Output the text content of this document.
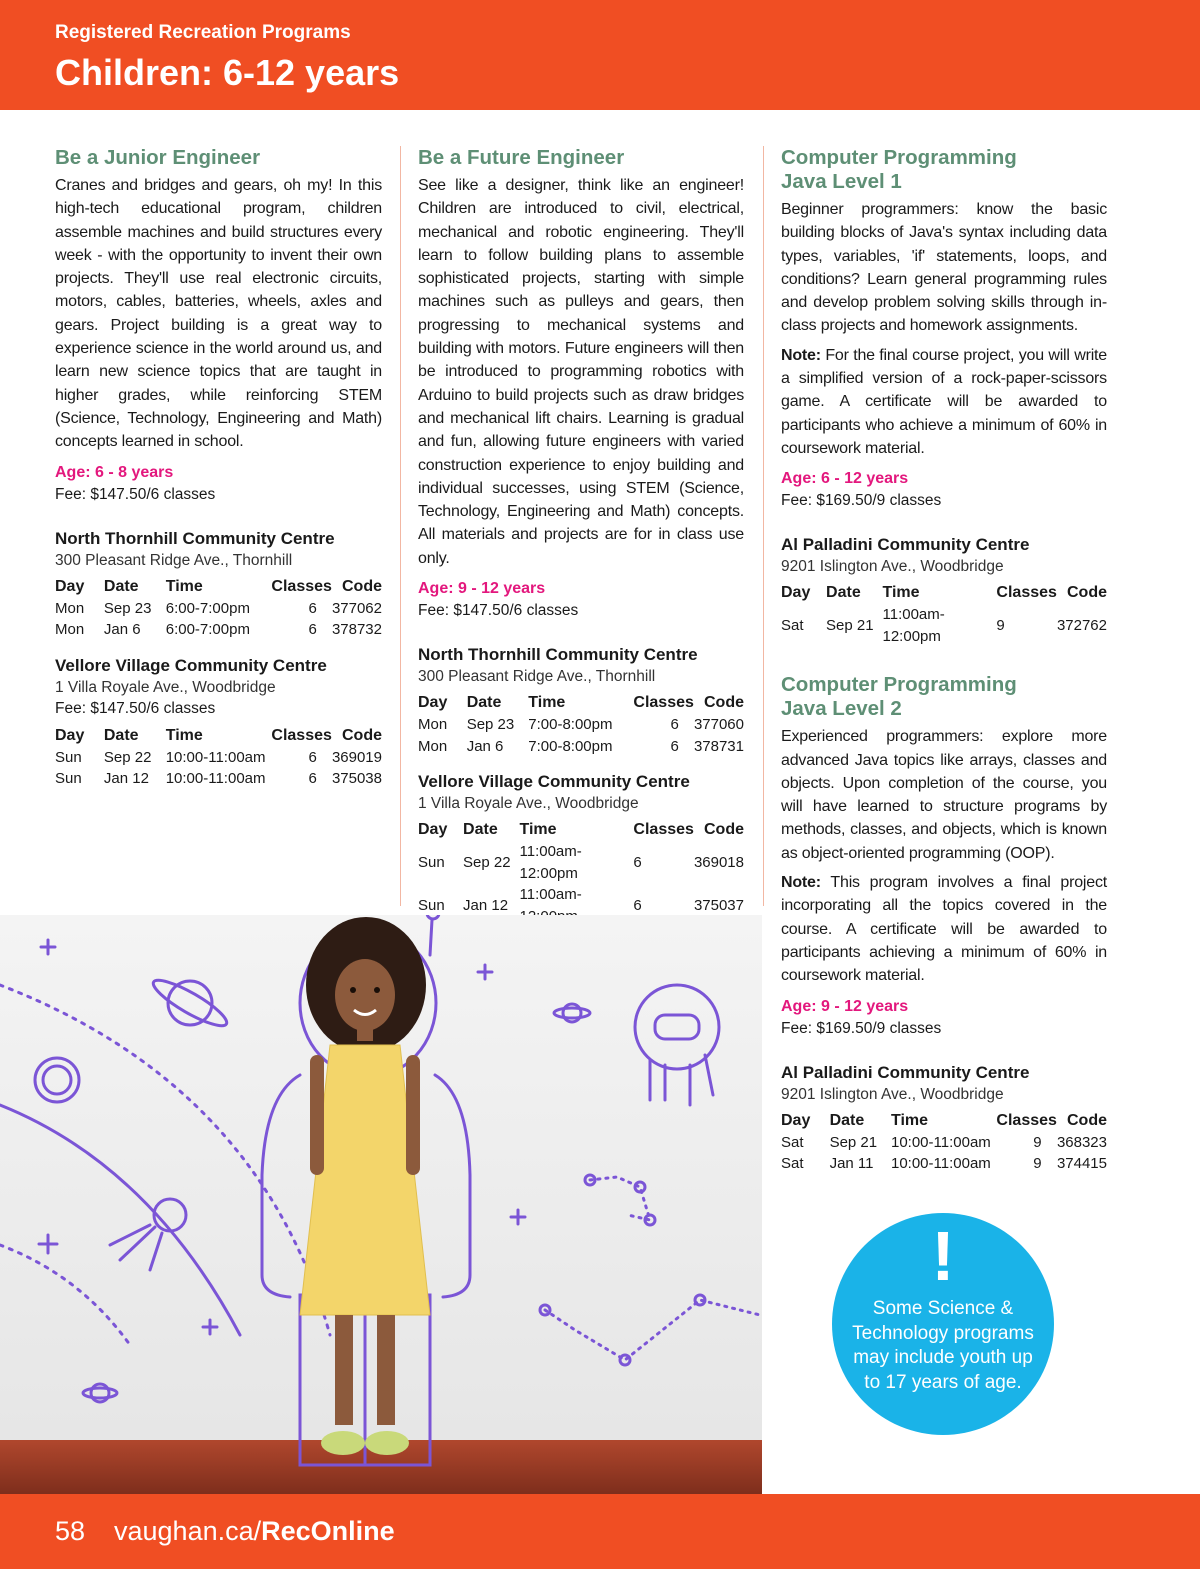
Registered Recreation Programs
Children: 6-12 years
Be a Junior Engineer

Cranes and bridges and gears, oh my! In this high-tech educational program, children assemble machines and build structures every week - with the opportunity to invent their own projects. They'll use real electronic circuits, motors, cables, batteries, wheels, axles and gears. Project building is a great way to experience science in the world around us, and learn new science topics that are taught in higher grades, while reinforcing STEM (Science, Technology, Engineering and Math) concepts learned in school.

Age: 6 - 8 years
Fee: $147.50/6 classes
North Thornhill Community Centre
300 Pleasant Ridge Ave., Thornhill
Day	Date	Time	Classes	Code
Mon	Sep 23	6:00-7:00pm	6	377062
Mon	Jan 6	6:00-7:00pm	6	378732
Vellore Village Community Centre
1 Villa Royale Ave., Woodbridge
Fee: $147.50/6 classes
Day	Date	Time	Classes	Code
Sun	Sep 22	10:00-11:00am	6	369019
Sun	Jan 12	10:00-11:00am	6	375038
Be a Future Engineer

See like a designer, think like an engineer! Children are introduced to civil, electrical, mechanical and robotic engineering. They'll learn to follow building plans to assemble sophisticated projects, starting with simple machines such as pulleys and gears, then progressing to mechanical systems and building with motors. Future engineers will then be introduced to programming robotics with Arduino to build projects such as draw bridges and mechanical lift chairs. Learning is gradual and fun, allowing future engineers with varied construction experience to enjoy building and individual successes, using STEM (Science, Technology, Engineering and Math) concepts. All materials and projects are for in class use only.

Age: 9 - 12 years
Fee: $147.50/6 classes
North Thornhill Community Centre
300 Pleasant Ridge Ave., Thornhill
Day	Date	Time	Classes	Code
Mon	Sep 23	7:00-8:00pm	6	377060
Mon	Jan 6	7:00-8:00pm	6	378731
Vellore Village Community Centre
1 Villa Royale Ave., Woodbridge
Day	Date	Time	Classes	Code
Sun	Sep 22	11:00am-12:00pm	6	369018
Sun	Jan 12	11:00am-	6	375037
Computer Programming Java Level 1

Beginner programmers: know the basic building blocks of Java's syntax including data types, variables, 'if' statements, loops, and conditions? Learn general programming rules and develop problem solving skills through in-class projects and homework assignments.

Note: For the final course project, you will write a simplified version of a rock-paper-scissors game. A certificate will be awarded to participants who achieve a minimum of 60% in coursework material.

Age: 6 - 12 years
Fee: $169.50/9 classes
Al Palladini Community Centre
9201 Islington Ave., Woodbridge
Day	Date	Time	Classes	Code
Sat	Sep 21	11:00am-12:00pm	9	372762
Computer Programming Java Level 2

Experienced programmers: explore more advanced Java topics like arrays, classes and objects. Upon completion of the course, you will have learned to structure programs by methods, classes, and objects, which is known as object-oriented programming (OOP).

Note: This program involves a final project incorporating all the topics covered in the course. A certificate will be awarded to participants achieving a minimum of 60% in coursework material.

Age: 9 - 12 years
Fee: $169.50/9 classes
Al Palladini Community Centre
9201 Islington Ave., Woodbridge
Day	Date	Time	Classes	Code
Sat	Sep 21	10:00-11:00am	9	368323
Sat	Jan 11	10:00-11:00am	9	374415
!
Some Science & Technology programs may include youth up to 17 years of age.
58 vaughan.ca/RecOnline
